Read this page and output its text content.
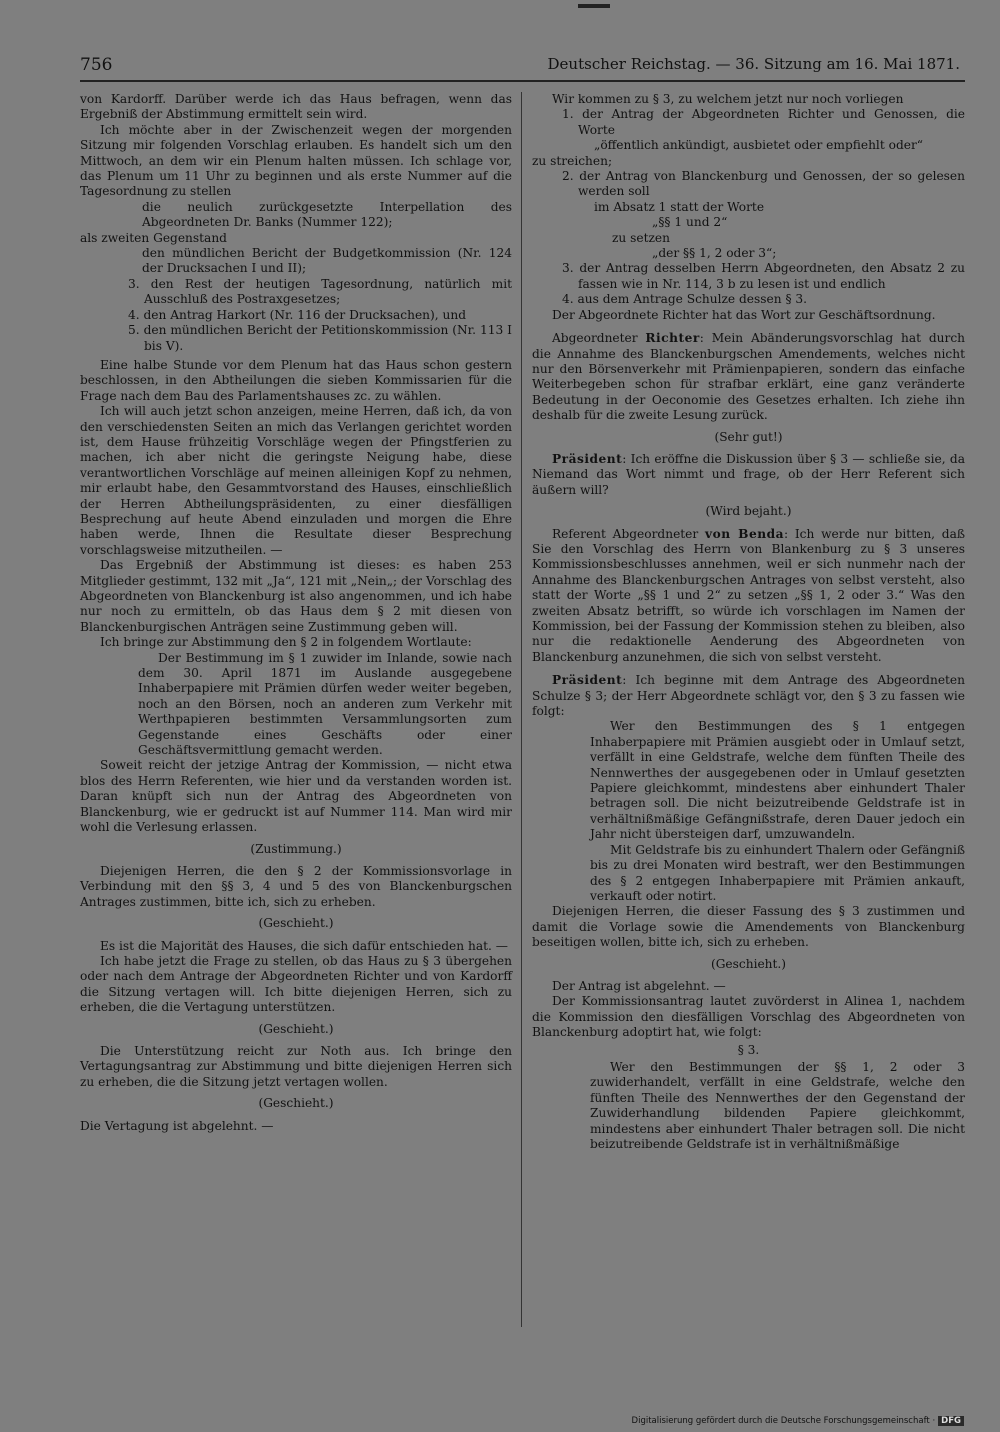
756	Deutscher Reichstag. — 36. Sitzung am 16. Mai 1871.

von Kardorff. Darüber werde ich das Haus befragen, wenn das Ergebniß der Abstimmung ermittelt sein wird.

Ich möchte aber in der Zwischenzeit wegen der morgenden Sitzung mir folgenden Vorschlag erlauben. Es handelt sich um den Mittwoch, an dem wir ein Plenum halten müssen. Ich schlage vor, das Plenum um 11 Uhr zu beginnen und als erste Nummer auf die Tagesordnung zu stellen

die neulich zurückgesetzte Interpellation des Abgeordneten Dr. Banks (Nummer 122);

als zweiten Gegenstand

den mündlichen Bericht der Budgetkommission (Nr. 124 der Drucksachen I und II);

3. den Rest der heutigen Tagesordnung, natürlich mit Ausschluß des Postraxgesetzes;

4. den Antrag Harkort (Nr. 116 der Drucksachen), und

5. den mündlichen Bericht der Petitionskommission (Nr. 113 I bis V).

Eine halbe Stunde vor dem Plenum hat das Haus schon gestern beschlossen, in den Abtheilungen die sieben Kommissarien für die Frage nach dem Bau des Parlamentshauses zc. zu wählen.

Ich will auch jetzt schon anzeigen, meine Herren, daß ich, da von den verschiedensten Seiten an mich das Verlangen gerichtet worden ist, dem Hause frühzeitig Vorschläge wegen der Pfingstferien zu machen, ich aber nicht die geringste Neigung habe, diese verantwortlichen Vorschläge auf meinen alleinigen Kopf zu nehmen, mir erlaubt habe, den Gesammtvorstand des Hauses, einschließlich der Herren Abtheilungspräsidenten, zu einer diesfälligen Besprechung auf heute Abend einzuladen und morgen die Ehre haben werde, Ihnen die Resultate dieser Besprechung vorschlagsweise mitzutheilen. —

Das Ergebniß der Abstimmung ist dieses: es haben 253 Mitglieder gestimmt, 132 mit „Ja“, 121 mit „Nein„; der Vorschlag des Abgeordneten von Blanckenburg ist also angenommen, und ich habe nur noch zu ermitteln, ob das Haus dem § 2 mit diesen von Blanckenburgischen Anträgen seine Zustimmung geben will.

Ich bringe zur Abstimmung den § 2 in folgendem Wortlaute:

Der Bestimmung im § 1 zuwider im Inlande, sowie nach dem 30. April 1871 im Auslande ausgegebene Inhaberpapiere mit Prämien dürfen weder weiter begeben, noch an den Börsen, noch an anderen zum Verkehr mit Werthpapieren bestimmten Versammlungsorten zum Gegenstande eines Geschäfts oder einer Geschäftsvermittlung gemacht werden.

Soweit reicht der jetzige Antrag der Kommission, — nicht etwa blos des Herrn Referenten, wie hier und da verstanden worden ist. Daran knüpft sich nun der Antrag des Abgeordneten von Blanckenburg, wie er gedruckt ist auf Nummer 114. Man wird mir wohl die Verlesung erlassen.

(Zustimmung.)

Diejenigen Herren, die den § 2 der Kommissionsvorlage in Verbindung mit den §§ 3, 4 und 5 des von Blanckenburgschen Antrages zustimmen, bitte ich, sich zu erheben.

(Geschieht.)

Es ist die Majorität des Hauses, die sich dafür entschieden hat. —

Ich habe jetzt die Frage zu stellen, ob das Haus zu § 3 übergehen oder nach dem Antrage der Abgeordneten Richter und von Kardorff die Sitzung vertagen will. Ich bitte diejenigen Herren, sich zu erheben, die die Vertagung unterstützen.

(Geschieht.)

Die Unterstützung reicht zur Noth aus. Ich bringe den Vertagungsantrag zur Abstimmung und bitte diejenigen Herren sich zu erheben, die die Sitzung jetzt vertagen wollen.

(Geschieht.)

Die Vertagung ist abgelehnt. —

Wir kommen zu § 3, zu welchem jetzt nur noch vorliegen

1. der Antrag der Abgeordneten Richter und Genossen, die Worte

„öffentlich ankündigt, ausbietet oder empfiehlt oder“

zu streichen;

2. der Antrag von Blanckenburg und Genossen, der so gelesen werden soll

im Absatz 1 statt der Worte

„§§ 1 und 2“

zu setzen

„der §§ 1, 2 oder 3“;

3. der Antrag desselben Herrn Abgeordneten, den Absatz 2 zu fassen wie in Nr. 114, 3 b zu lesen ist und endlich

4. aus dem Antrage Schulze dessen § 3.

Der Abgeordnete Richter hat das Wort zur Geschäftsordnung.

Abgeordneter Richter: Mein Abänderungsvorschlag hat durch die Annahme des Blanckenburgschen Amendements, welches nicht nur den Börsenverkehr mit Prämienpapieren, sondern das einfache Weiterbegeben schon für strafbar erklärt, eine ganz veränderte Bedeutung in der Oeconomie des Gesetzes erhalten. Ich ziehe ihn deshalb für die zweite Lesung zurück.

(Sehr gut!)

Präsident: Ich eröffne die Diskussion über § 3 — schließe sie, da Niemand das Wort nimmt und frage, ob der Herr Referent sich äußern will?

(Wird bejaht.)

Referent Abgeordneter von Benda: Ich werde nur bitten, daß Sie den Vorschlag des Herrn von Blankenburg zu § 3 unseres Kommissionsbeschlusses annehmen, weil er sich nunmehr nach der Annahme des Blanckenburgschen Antrages von selbst versteht, also statt der Worte „§§ 1 und 2“ zu setzen „§§ 1, 2 oder 3.“ Was den zweiten Absatz betrifft, so würde ich vorschlagen im Namen der Kommission, bei der Fassung der Kommission stehen zu bleiben, also nur die redaktionelle Aenderung des Abgeordneten von Blanckenburg anzunehmen, die sich von selbst versteht.

Präsident: Ich beginne mit dem Antrage des Abgeordneten Schulze § 3; der Herr Abgeordnete schlägt vor, den § 3 zu fassen wie folgt:

Wer den Bestimmungen des § 1 entgegen Inhaberpapiere mit Prämien ausgiebt oder in Umlauf setzt, verfällt in eine Geldstrafe, welche dem fünften Theile des Nennwerthes der ausgegebenen oder in Umlauf gesetzten Papiere gleichkommt, mindestens aber einhundert Thaler betragen soll. Die nicht beizutreibende Geldstrafe ist in verhältnißmäßige Gefängnißstrafe, deren Dauer jedoch ein Jahr nicht übersteigen darf, umzuwandeln.

Mit Geldstrafe bis zu einhundert Thalern oder Gefängniß bis zu drei Monaten wird bestraft, wer den Bestimmungen des § 2 entgegen Inhaberpapiere mit Prämien ankauft, verkauft oder notirt.

Diejenigen Herren, die dieser Fassung des § 3 zustimmen und damit die Vorlage sowie die Amendements von Blanckenburg beseitigen wollen, bitte ich, sich zu erheben.

(Geschieht.)

Der Antrag ist abgelehnt. —

Der Kommissionsantrag lautet zuvörderst in Alinea 1, nachdem die Kommission den diesfälligen Vorschlag des Abgeordneten von Blanckenburg adoptirt hat, wie folgt:

§ 3.

Wer den Bestimmungen der §§ 1, 2 oder 3 zuwiderhandelt, verfällt in eine Geldstrafe, welche den fünften Theile des Nennwerthes der den Gegenstand der Zuwiderhandlung bildenden Papiere gleichkommt, mindestens aber einhundert Thaler betragen soll. Die nicht beizutreibende Geldstrafe ist in verhältnißmäßige

Digitalisierung gefördert durch die Deutsche Forschungsgemeinschaft · DFG
